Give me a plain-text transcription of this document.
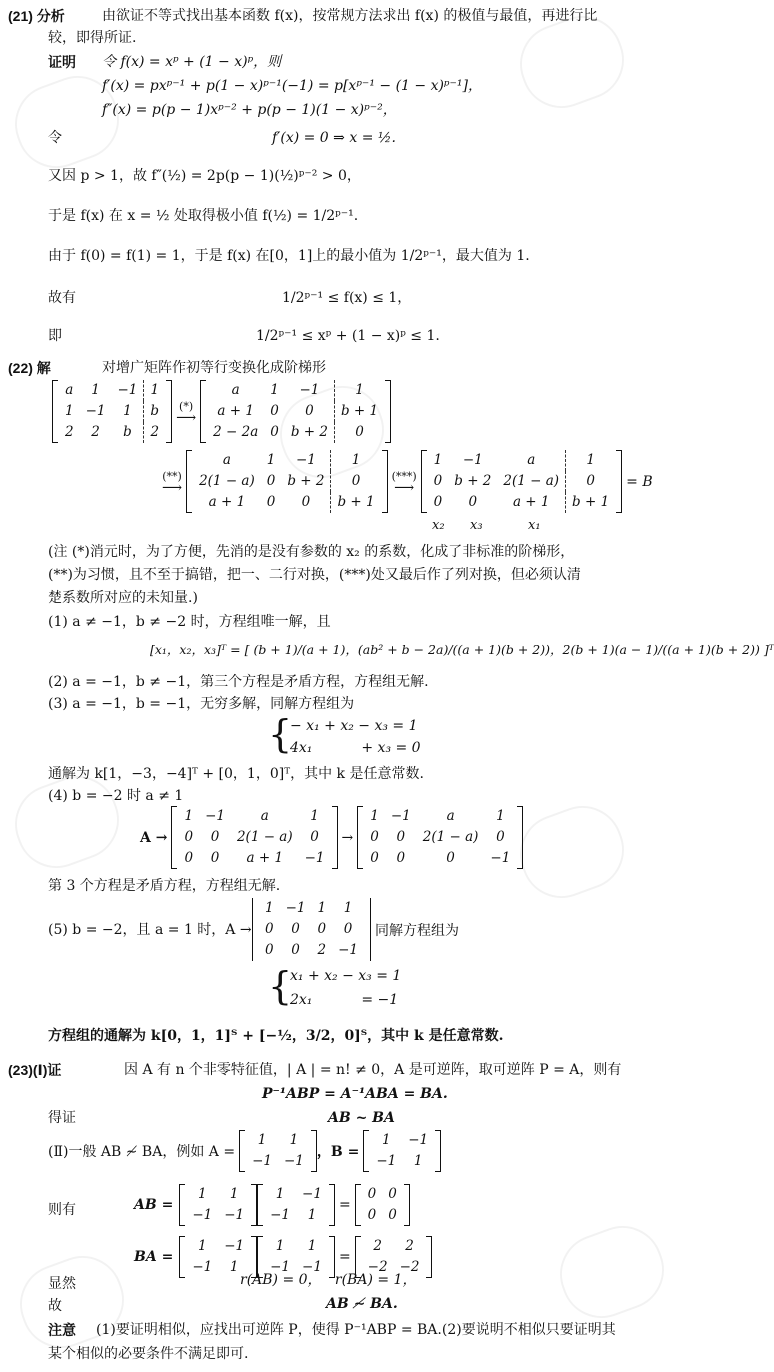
(21) 分析	由欲证不等式找出基本函数 f(x)，按常规方法求出 f(x) 的极值与最值，再进行比
较，即得所证.
证明 令 f(x) = xᵖ + (1 − x)ᵖ，则
f′(x) = pxᵖ⁻¹ + p(1 − x)ᵖ⁻¹(−1) = p[xᵖ⁻¹ − (1 − x)ᵖ⁻¹]，
f″(x) = p(p − 1)xᵖ⁻² + p(p − 1)(1 − x)ᵖ⁻²，
令	f′(x) = 0 ⇒ x = ½.
又因 p > 1，故 f″(½) = 2p(p − 1)(½)ᵖ⁻² > 0，
于是 f(x) 在 x = ½ 处取得极小值 f(½) = 1/2ᵖ⁻¹.
由于 f(0) = f(1) = 1，于是 f(x) 在[0，1]上的最小值为 1/2ᵖ⁻¹，最大值为 1.
故有	1/2ᵖ⁻¹ ≤ f(x) ≤ 1，
即	1/2ᵖ⁻¹ ≤ xᵖ + (1 − x)ᵖ ≤ 1.
(22) 解	对增广矩阵作初等行变换化成阶梯形
a	1	−1	1
1	−1	1	b
2	2	b	2
(*)
⟶
a	1	−1	1
a + 1	0	0	b + 1
2 − 2a	0	b + 2	0
(**)
⟶
a	1	−1	1
2(1 − a)	0	b + 2	0
a + 1	0	0	b + 1
(***)
⟶
1	−1	a	1
0	b + 2	2(1 − a)	0
0	0	a + 1	b + 1
= B
x₂ x₃	x₁
(注 (*)消元时，为了方便，先消的是没有参数的 x₂ 的系数，化成了非标准的阶梯形，
(**)为习惯，且不至于搞错，把一、二行对换，(***)处又最后作了列对换，但必须认清
楚系数所对应的未知量.)
(1) a ≠ −1，b ≠ −2 时，方程组唯一解，且
[x₁，x₂，x₃]ᵀ = [ (b + 1)/(a + 1)，(ab² + b − 2a)/((a + 1)(b + 2))，2(b + 1)(a − 1)/((a + 1)(b + 2)) ]ᵀ
(2) a = −1，b ≠ −1，第三个方程是矛盾方程，方程组无解.
(3) a = −1，b = −1，无穷多解，同解方程组为
{
− x₁ + x₂ − x₃ = 1
4x₁           + x₃ = 0
通解为 k[1，−3，−4]ᵀ + [0，1，0]ᵀ，其中 k 是任意常数.
(4) b = −2 时 a ≠ 1
A →
1	−1	a	1
0	0	2(1 − a)	0
0	0	a + 1	−1
→
1	−1	a	1
0	0	2(1 − a)	0
0	0	0	−1
第 3 个方程是矛盾方程，方程组无解.
(5) b = −2，且 a = 1 时，A →
1	−1	1	1
0	0	0	0
0	0	2	−1
同解方程组为
{
x₁ + x₂ − x₃ = 1
2x₁           = −1
方程组的通解为 k[0，1，1]ᵀ + [−½，3/2，0]ᵀ，其中 k 是任意常数.
(23)(Ⅰ)证	因 A 有 n 个非零特征值，| A | = n! ≠ 0，A 是可逆阵，取可逆阵 P = A，则有
P⁻¹ABP = A⁻¹ABA = BA.
得证	AB ~ BA
(Ⅱ)一般 AB ≁ BA，例如 A =
1	1
−1	−1
，B =
1	−1
−1	1
则有	AB =
1	1
−1	−1
1	−1
−1	1
=
0	0
0	0
BA =
1	−1
−1	1
1	1
−1	−1
=
2	2
−2	−2
显然	r(AB) = 0，   r(BA) = 1，
故	AB ≁ BA.
注意 (1)要证明相似，应找出可逆阵 P，使得 P⁻¹ABP = BA.(2)要说明不相似只要证明其
某个相似的必要条件不满足即可.
